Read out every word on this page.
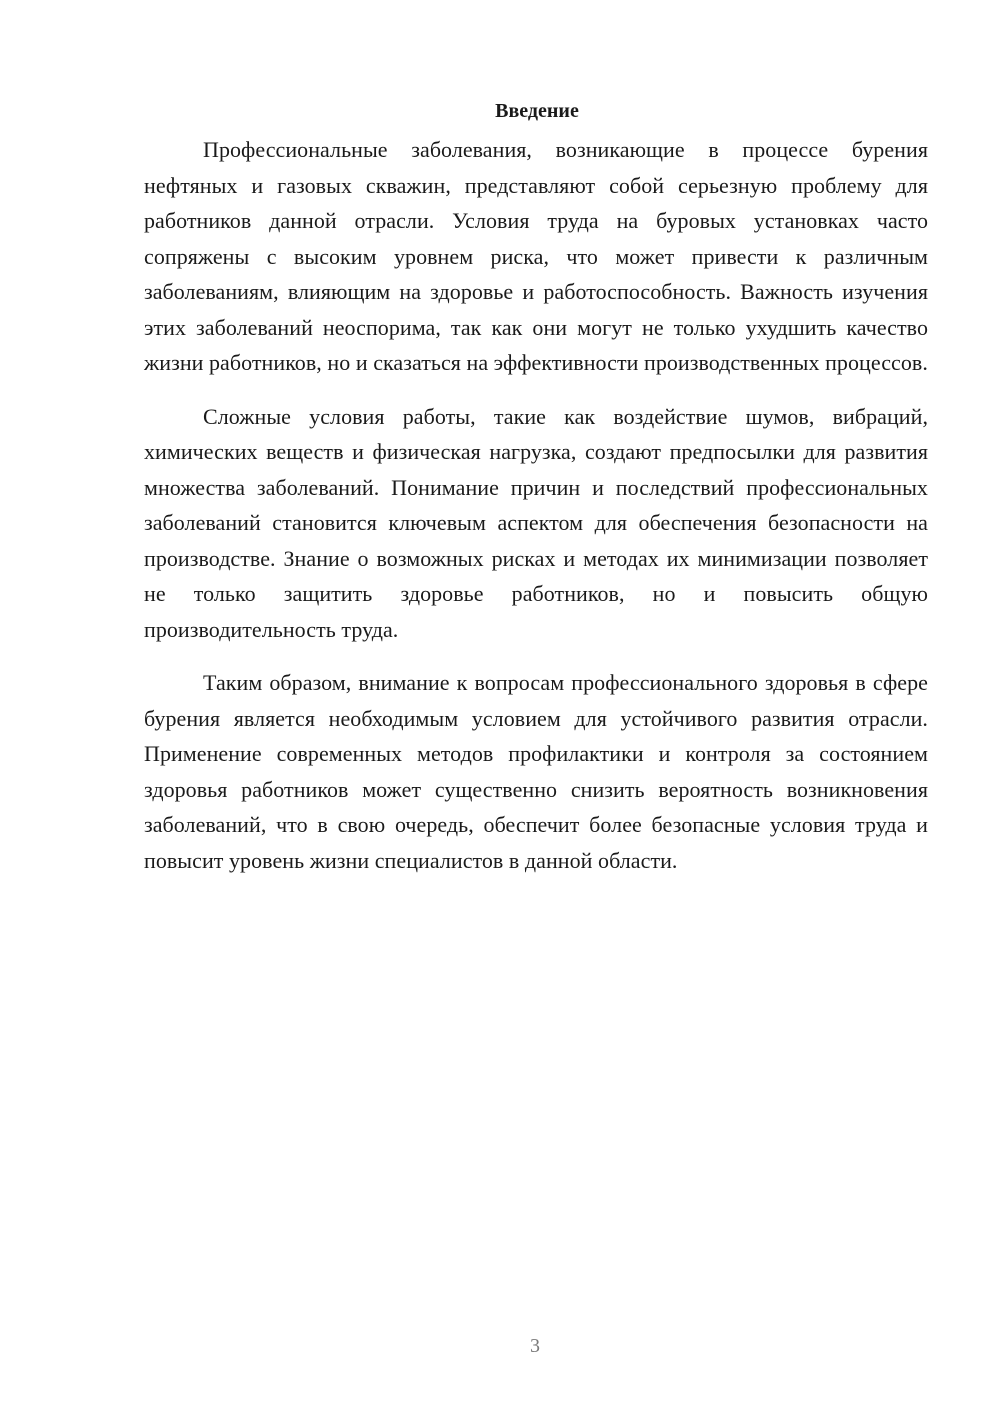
Введение

Профессиональные заболевания, возникающие в процессе бурения нефтяных и газовых скважин, представляют собой серьезную проблему для работников данной отрасли. Условия труда на буровых установках часто сопряжены с высоким уровнем риска, что может привести к различным заболеваниям, влияющим на здоровье и работоспособность. Важность изучения этих заболеваний неоспорима, так как они могут не только ухудшить качество жизни работников, но и сказаться на эффективности производственных процессов.

Сложные условия работы, такие как воздействие шумов, вибраций, химических веществ и физическая нагрузка, создают предпосылки для развития множества заболеваний. Понимание причин и последствий профессиональных заболеваний становится ключевым аспектом для обеспечения безопасности на производстве. Знание о возможных рисках и методах их минимизации позволяет не только защитить здоровье работников, но и повысить общую производительность труда.

Таким образом, внимание к вопросам профессионального здоровья в сфере бурения является необходимым условием для устойчивого развития отрасли. Применение современных методов профилактики и контроля за состоянием здоровья работников может существенно снизить вероятность возникновения заболеваний, что в свою очередь, обеспечит более безопасные условия труда и повысит уровень жизни специалистов в данной области.

3
